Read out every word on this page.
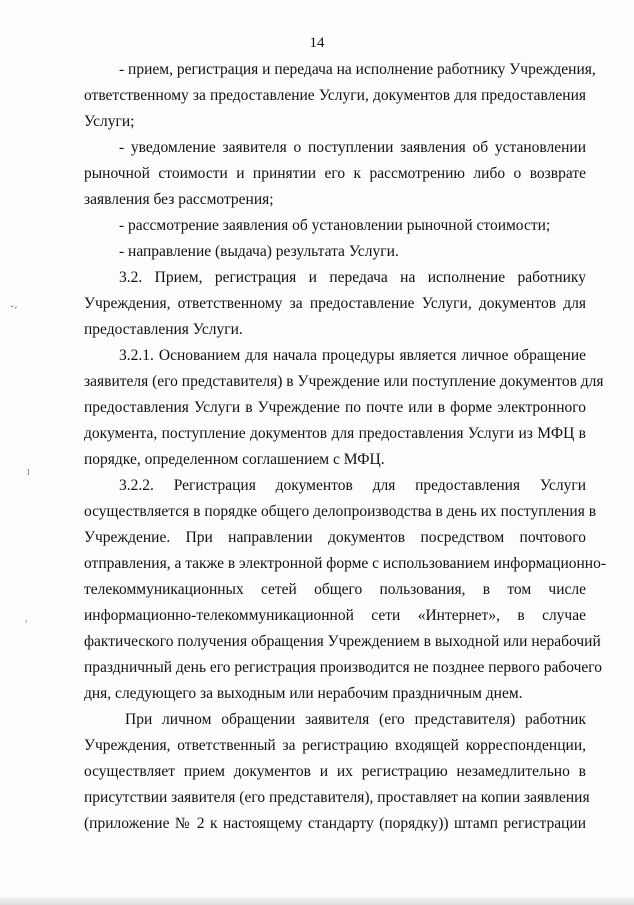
14
- прием, регистрация и передача на исполнение работнику Учреждения,
ответственному за предоставление Услуги, документов для предоставления
Услуги;
- уведомление заявителя о поступлении заявления об установлении
рыночной стоимости и принятии его к рассмотрению либо о возврате
заявления без рассмотрения;
- рассмотрение заявления об установлении рыночной стоимости;
- направление (выдача) результата Услуги.
3.2. Прием, регистрация и передача на исполнение работнику
Учреждения, ответственному за предоставление Услуги, документов для
предоставления Услуги.
3.2.1. Основанием для начала процедуры является личное обращение
заявителя (его представителя) в Учреждение или поступление документов для
предоставления Услуги в Учреждение по почте или в форме электронного
документа, поступление документов для предоставления Услуги из МФЦ в
порядке, определенном соглашением с МФЦ.
3.2.2. Регистрация документов для предоставления Услуги
осуществляется в порядке общего делопроизводства в день их поступления в
Учреждение. При направлении документов посредством почтового
отправления, а также в электронной форме с использованием информационно-
телекоммуникационных сетей общего пользования, в том числе
информационно-телекоммуникационной сети «Интернет», в случае
фактического получения обращения Учреждением в выходной или нерабочий
праздничный день его регистрация производится не позднее первого рабочего
дня, следующего за выходным или нерабочим праздничным днем.
При личном обращении заявителя (его представителя) работник
Учреждения, ответственный за регистрацию входящей корреспонденции,
осуществляет прием документов и их регистрацию незамедлительно в
присутствии заявителя (его представителя), проставляет на копии заявления
(приложение № 2 к настоящему стандарту (порядку)) штамп регистрации
˘ʻ
⁞
ʾ
